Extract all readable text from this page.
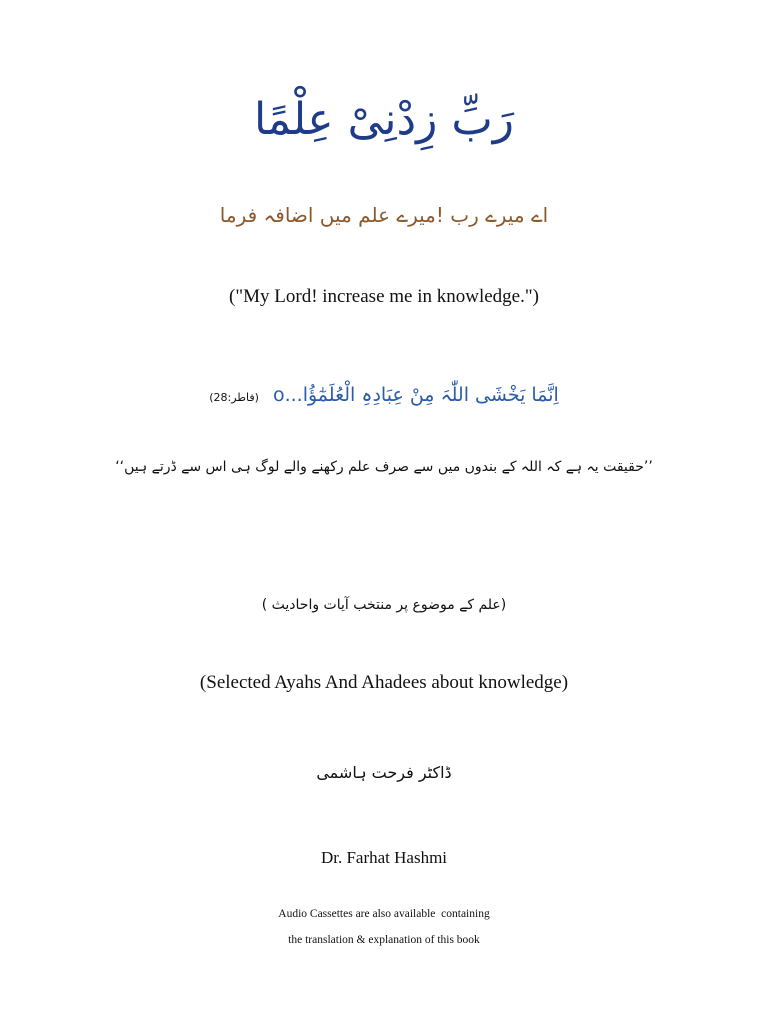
رَبِّ زِدْنِیْ عِلْمًا
اے میرے رب !میرے علم میں اضافہ فرما
("My Lord! increase me in knowledge.")
(فاطر:28) اِنَّمَا یَخْشَی اللّٰہَ مِنْ عِبَادِہِ الْعُلَمٰٓؤُا...o
’’حقیقت یہ ہے کہ اللہ کے بندوں میں سے صرف علم رکھنے والے لوگ ہی اس سے ڈرتے ہیں‘‘
(علم کے موضوع پر منتخب آیات واحادیث )
(Selected Ayahs And Ahadees about knowledge)
ڈاکٹر فرحت ہاشمی
Dr. Farhat Hashmi
Audio Cassettes are also available  containing
the translation & explanation of this book
